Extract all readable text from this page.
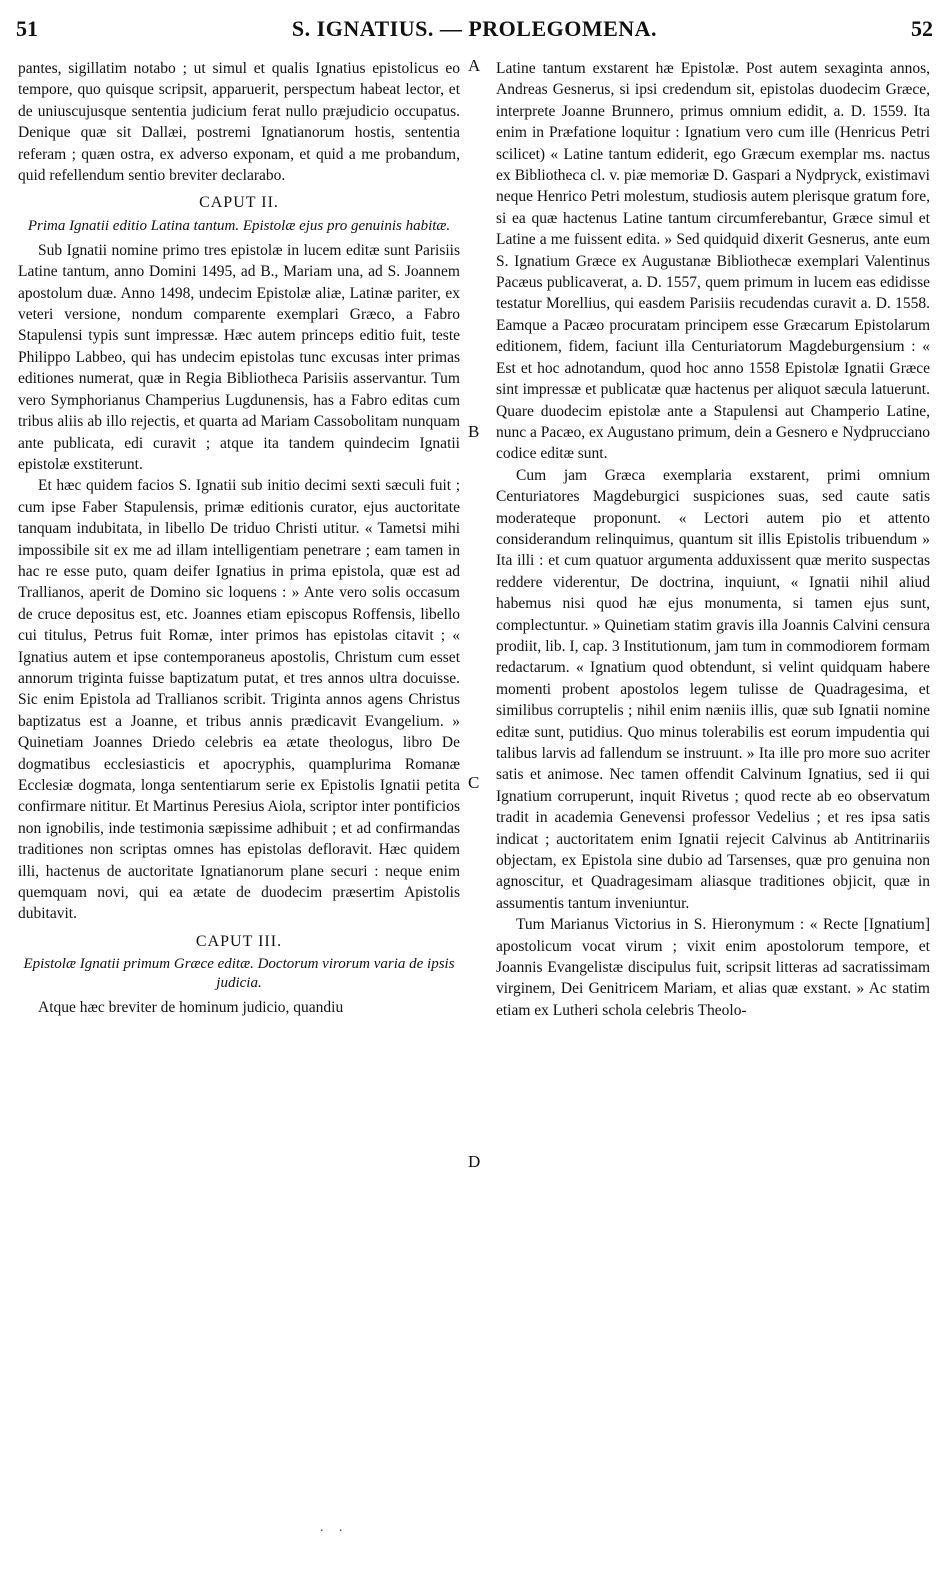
51	S. IGNATIUS. — PROLEGOMENA.	52

pantes, sigillatim notabo ; ut simul et qualis Ignatius epistolicus eo tempore, quo quisque scripsit, apparuerit, perspectum habeat lector, et de uniuscujusque sententia judicium ferat nullo præjudicio occupatus. Denique quæ sit Dallæi, postremi Ignatianorum hostis, sententia referam ; quæn ostra, ex adverso exponam, et quid a me probandum, quid refellendum sentio breviter declarabo.

CAPUT II.
Prima Ignatii editio Latina tantum. Epistolæ ejus pro genuinis habitæ.

Sub Ignatii nomine primo tres epistolæ in lucem editæ sunt Parisiis Latine tantum, anno Domini 1495, ad B., Mariam una, ad S. Joannem apostolum duæ. Anno 1498, undecim Epistolæ aliæ, Latinæ pariter, ex veteri versione, nondum comparente exemplari Græco, a Fabro Stapulensi typis sunt impressæ. Hæc autem princeps editio fuit, teste Philippo Labbeo, qui has undecim epistolas tunc excusas inter primas editiones numerat, quæ in Regia Bibliotheca Parisiis asservantur. Tum vero Symphorianus Champerius Lugdunensis, has a Fabro editas cum tribus aliis ab illo rejectis, et quarta ad Mariam Cassobolitam nunquam ante publicata, edi curavit ; atque ita tandem quindecim Ignatii epistolæ exstiterunt.

Et hæc quidem facios S. Ignatii sub initio decimi sexti sæculi fuit ; cum ipse Faber Stapulensis, primæ editionis curator, ejus auctoritate tanquam indubitata, in libello De triduo Christi utitur. « Tametsi mihi impossibile sit ex me ad illam intelligentiam penetrare ; eam tamen in hac re esse puto, quam deifer Ignatius in prima epistola, quæ est ad Trallianos, aperit de Domino sic loquens : » Ante vero solis occasum de cruce depositus est, etc. Joannes etiam episcopus Roffensis, libello cui titulus, Petrus fuit Romæ, inter primos has epistolas citavit ; « Ignatius autem et ipse contemporaneus apostolis, Christum cum esset annorum triginta fuisse baptizatum putat, et tres annos ultra docuisse. Sic enim Epistola ad Trallianos scribit. Triginta annos agens Christus baptizatus est a Joanne, et tribus annis prædicavit Evangelium. » Quinetiam Joannes Driedo celebris ea ætate theologus, libro De dogmatibus ecclesiasticis et apocryphis, quamplurima Romanæ Ecclesiæ dogmata, longa sententiarum serie ex Epistolis Ignatii petita confirmare nititur. Et Martinus Peresius Aiola, scriptor inter pontificios non ignobilis, inde testimonia sæpissime adhibuit ; et ad confirmandas traditiones non scriptas omnes has epistolas defloravit. Hæc quidem illi, hactenus de auctoritate Ignatianorum plane securi : neque enim quemquam novi, qui ea ætate de duodecim præsertim Apistolis dubitavit.

CAPUT III.
Epistolæ Ignatii primum Græce editæ. Doctorum virorum varia de ipsis judicia.

Atque hæc breviter de hominum judicio, quandiu

A
B
C
D

Latine tantum exstarent hæ Epistolæ. Post autem sexaginta annos, Andreas Gesnerus, si ipsi credendum sit, epistolas duodecim Græce, interprete Joanne Brunnero, primus omnium edidit, a. D. 1559. Ita enim in Præfatione loquitur : Ignatium vero cum ille (Henricus Petri scilicet) « Latine tantum ediderit, ego Græcum exemplar ms. nactus ex Bibliotheca cl. v. piæ memoriæ D. Gaspari a Nydpryck, existimavi neque Henrico Petri molestum, studiosis autem plerisque gratum fore, si ea quæ hactenus Latine tantum circumferebantur, Græce simul et Latine a me fuissent edita. » Sed quidquid dixerit Gesnerus, ante eum S. Ignatium Græce ex Augustanæ Bibliothecæ exemplari Valentinus Pacæus publicaverat, a. D. 1557, quem primum in lucem eas edidisse testatur Morellius, qui easdem Parisiis recudendas curavit a. D. 1558. Eamque a Pacæo procuratam principem esse Græcarum Epistolarum editionem, fidem, faciunt illa Centuriatorum Magdeburgensium : « Est et hoc adnotandum, quod hoc anno 1558 Epistolæ Ignatii Græce sint impressæ et publicatæ quæ hactenus per aliquot sæcula latuerunt. Quare duodecim epistolæ ante a Stapulensi aut Champerio Latine, nunc a Pacæo, ex Augustano primum, dein a Gesnero e Nydprucciano codice editæ sunt.

Cum jam Græca exemplaria exstarent, primi omnium Centuriatores Magdeburgici suspiciones suas, sed caute satis moderateque proponunt. « Lectori autem pio et attento considerandum relinquimus, quantum sit illis Epistolis tribuendum » Ita illi : et cum quatuor argumenta adduxissent quæ merito suspectas reddere viderentur, De doctrina, inquiunt, « Ignatii nihil aliud habemus nisi quod hæ ejus monumenta, si tamen ejus sunt, complectuntur. » Quinetiam statim gravis illa Joannis Calvini censura prodiit, lib. I, cap. 3 Institutionum, jam tum in commodiorem formam redactarum. « Ignatium quod obtendunt, si velint quidquam habere momenti probent apostolos legem tulisse de Quadragesima, et similibus corruptelis ; nihil enim næniis illis, quæ sub Ignatii nomine editæ sunt, putidius. Quo minus tolerabilis est eorum impudentia qui talibus larvis ad fallendum se instruunt. » Ita ille pro more suo acriter satis et animose. Nec tamen offendit Calvinum Ignatius, sed ii qui Ignatium corruperunt, inquit Rivetus ; quod recte ab eo observatum tradit in academia Genevensi professor Vedelius ; et res ipsa satis indicat ; auctoritatem enim Ignatii rejecit Calvinus ab Antitrinariis objectam, ex Epistola sine dubio ad Tarsenses, quæ pro genuina non agnoscitur, et Quadragesimam aliasque traditiones objicit, quæ in assumentis tantum inveniuntur.

Tum Marianus Victorius in S. Hieronymum : « Recte [Ignatium] apostolicum vocat virum ; vixit enim apostolorum tempore, et Joannis Evangelistæ discipulus fuit, scripsit litteras ad sacratissimam virginem, Dei Genitricem Mariam, et alias quæ exstant. » Ac statim etiam ex Lutheri schola celebris Theolo-

. .
